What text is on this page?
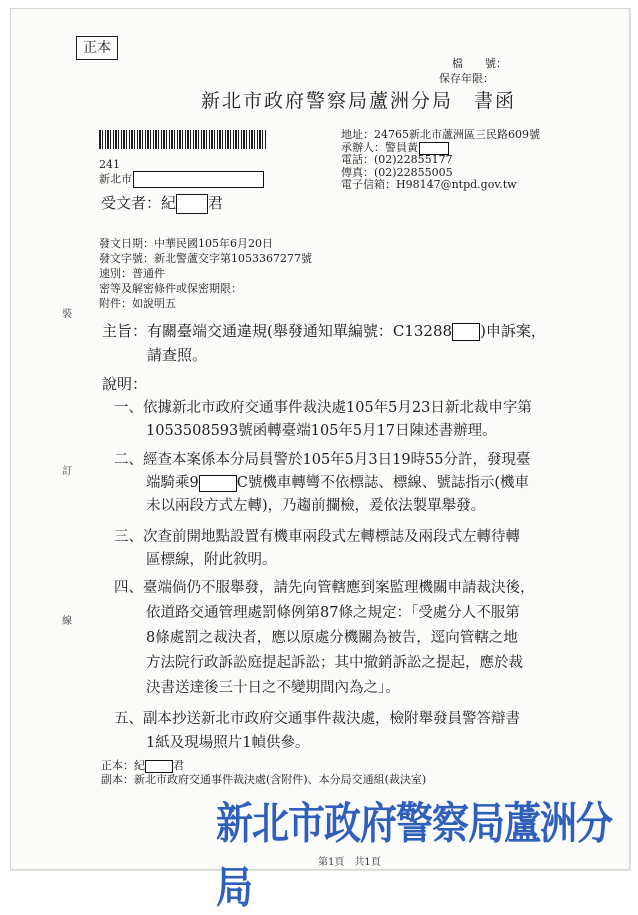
正本
檔　　號：
保存年限：
新北市政府警察局蘆洲分局　書函
地址：24765新北市蘆洲區三民路609號
承辦人：警員黃
電話：(02)22855177
傳真：(02)22855005
電子信箱：H98147@ntpd.gov.tw
241
新北市
受文者：紀 君
發文日期：中華民國105年6月20日
發文字號：新北警蘆交字第1053367277號
速別：普通件
密等及解密條件或保密期限：
附件：如說明五
裝
訂
線
主旨：有關臺端交通違規(舉發通知單編號：C13288 )申訴案，
請查照。
說明：
一、依據新北市政府交通事件裁決處105年5月23日新北裁申字第
1053508593號函轉臺端105年5月17日陳述書辦理。
二、經查本案係本分局員警於105年5月3日19時55分許，發現臺
端騎乘9	C號機車轉彎不依標誌、標線、號誌指示(機車
未以兩段方式左轉)，乃趨前攔檢，爰依法製單舉發。
三、次查前開地點設置有機車兩段式左轉標誌及兩段式左轉待轉
區標線，附此敘明。
四、臺端倘仍不服舉發，請先向管轄應到案監理機關申請裁決後，
依道路交通管理處罰條例第87條之規定：「受處分人不服第
8條處罰之裁決者，應以原處分機關為被告，逕向管轄之地
方法院行政訴訟庭提起訴訟；其中撤銷訴訟之提起，應於裁
決書送達後三十日之不變期間內為之」。
五、副本抄送新北市政府交通事件裁決處，檢附舉發員警答辯書
1紙及現場照片1幀供參。
正本：紀	君
副本：新北市政府交通事件裁決處(含附件)、本分局交通組(裁決室)
新北市政府警察局蘆洲分局	第1頁　共1頁
